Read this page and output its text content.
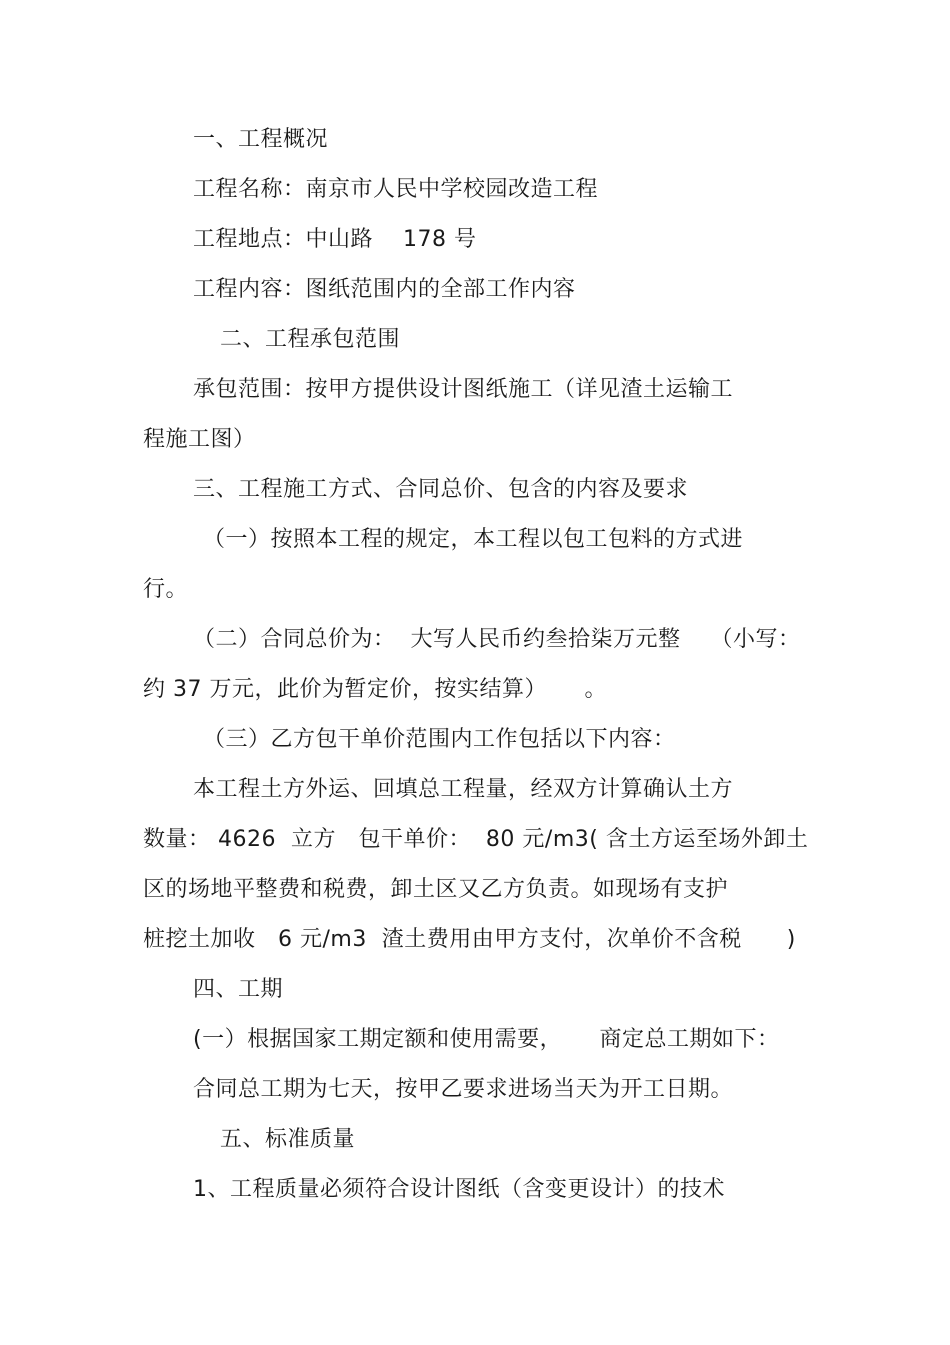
一、工程概况
工程名称：南京市人民中学校园改造工程
工程地点：中山路    178 号
工程内容：图纸范围内的全部工作内容
二、工程承包范围
承包范围：按甲方提供设计图纸施工（详见渣土运输工
程施工图）
三、工程施工方式、合同总价、包含的内容及要求
（一）按照本工程的规定，本工程以包工包料的方式进
行。
（二）合同总价为：  大写人民币约叁拾柒万元整    （小写：
约 37 万元，此价为暂定价，按实结算）     。
（三）乙方包干单价范围内工作包括以下内容：
本工程土方外运、回填总工程量，经双方计算确认土方
数量： 4626  立方   包干单价：  80 元/m3( 含土方运至场外卸土
区的场地平整费和税费，卸土区又乙方负责。如现场有支护
桩挖土加收   6 元/m3  渣土费用由甲方支付，次单价不含税      )
四、工期
(一）根据国家工期定额和使用需要，     商定总工期如下：
合同总工期为七天，按甲乙要求进场当天为开工日期。
五、标准质量
1、工程质量必须符合设计图纸（含变更设计）的技术
